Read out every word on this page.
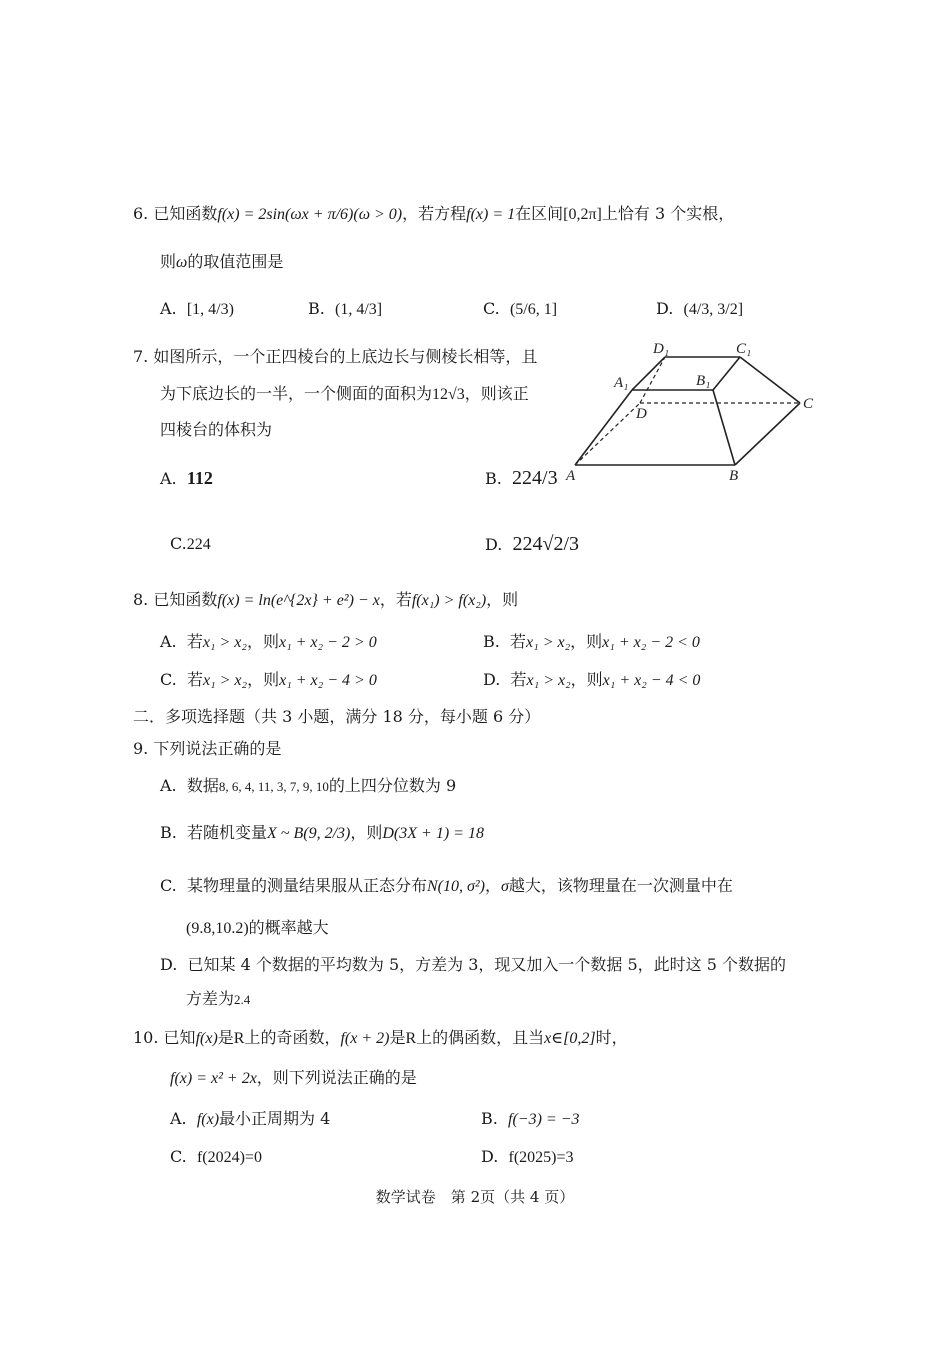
6. 已知函数f(x) = 2sin(ωx + π/6)(ω > 0)，若方程f(x) = 1在区间[0,2π]上恰有 3 个实根，
则ω的取值范围是
A. [1, 4/3)	B. (1, 4/3]	C. (5/6, 1]	D. (4/3, 3/2]
7. 如图所示，一个正四棱台的上底边长与侧棱长相等，且
为下底边长的一半，一个侧面的面积为12√3，则该正
四棱台的体积为
D₁	C₁
A₁	B₁
D
C
A	B
A. 112	B. 224/3
C.224	D. 224√2/3
8. 已知函数f(x) = ln(e^{2x} + e²) − x，若f(x₁) > f(x₂)，则
A. 若x₁ > x₂，则x₁ + x₂ − 2 > 0	B. 若x₁ > x₂，则x₁ + x₂ − 2 < 0
C. 若x₁ > x₂，则x₁ + x₂ − 4 > 0	D. 若x₁ > x₂，则x₁ + x₂ − 4 < 0
二．多项选择题（共 3 小题，满分 18 分，每小题 6 分）
9. 下列说法正确的是
A. 数据8, 6, 4, 11, 3, 7, 9, 10的上四分位数为 9
B. 若随机变量X ~ B(9, 2/3)，则D(3X + 1) = 18
C. 某物理量的测量结果服从正态分布N(10, σ²)，σ越大，该物理量在一次测量中在
(9.8,10.2)的概率越大
D. 已知某 4 个数据的平均数为 5，方差为 3，现又加入一个数据 5，此时这 5 个数据的
方差为2.4
10. 已知f(x)是R上的奇函数，f(x + 2)是R上的偶函数，且当x∈[0,2]时，
f(x) = x² + 2x，则下列说法正确的是
A. f(x)最小正周期为 4	B. f(−3) = −3
C. f(2024)=0	D. f(2025)=3
数学试卷　第 2页（共 4 页）
